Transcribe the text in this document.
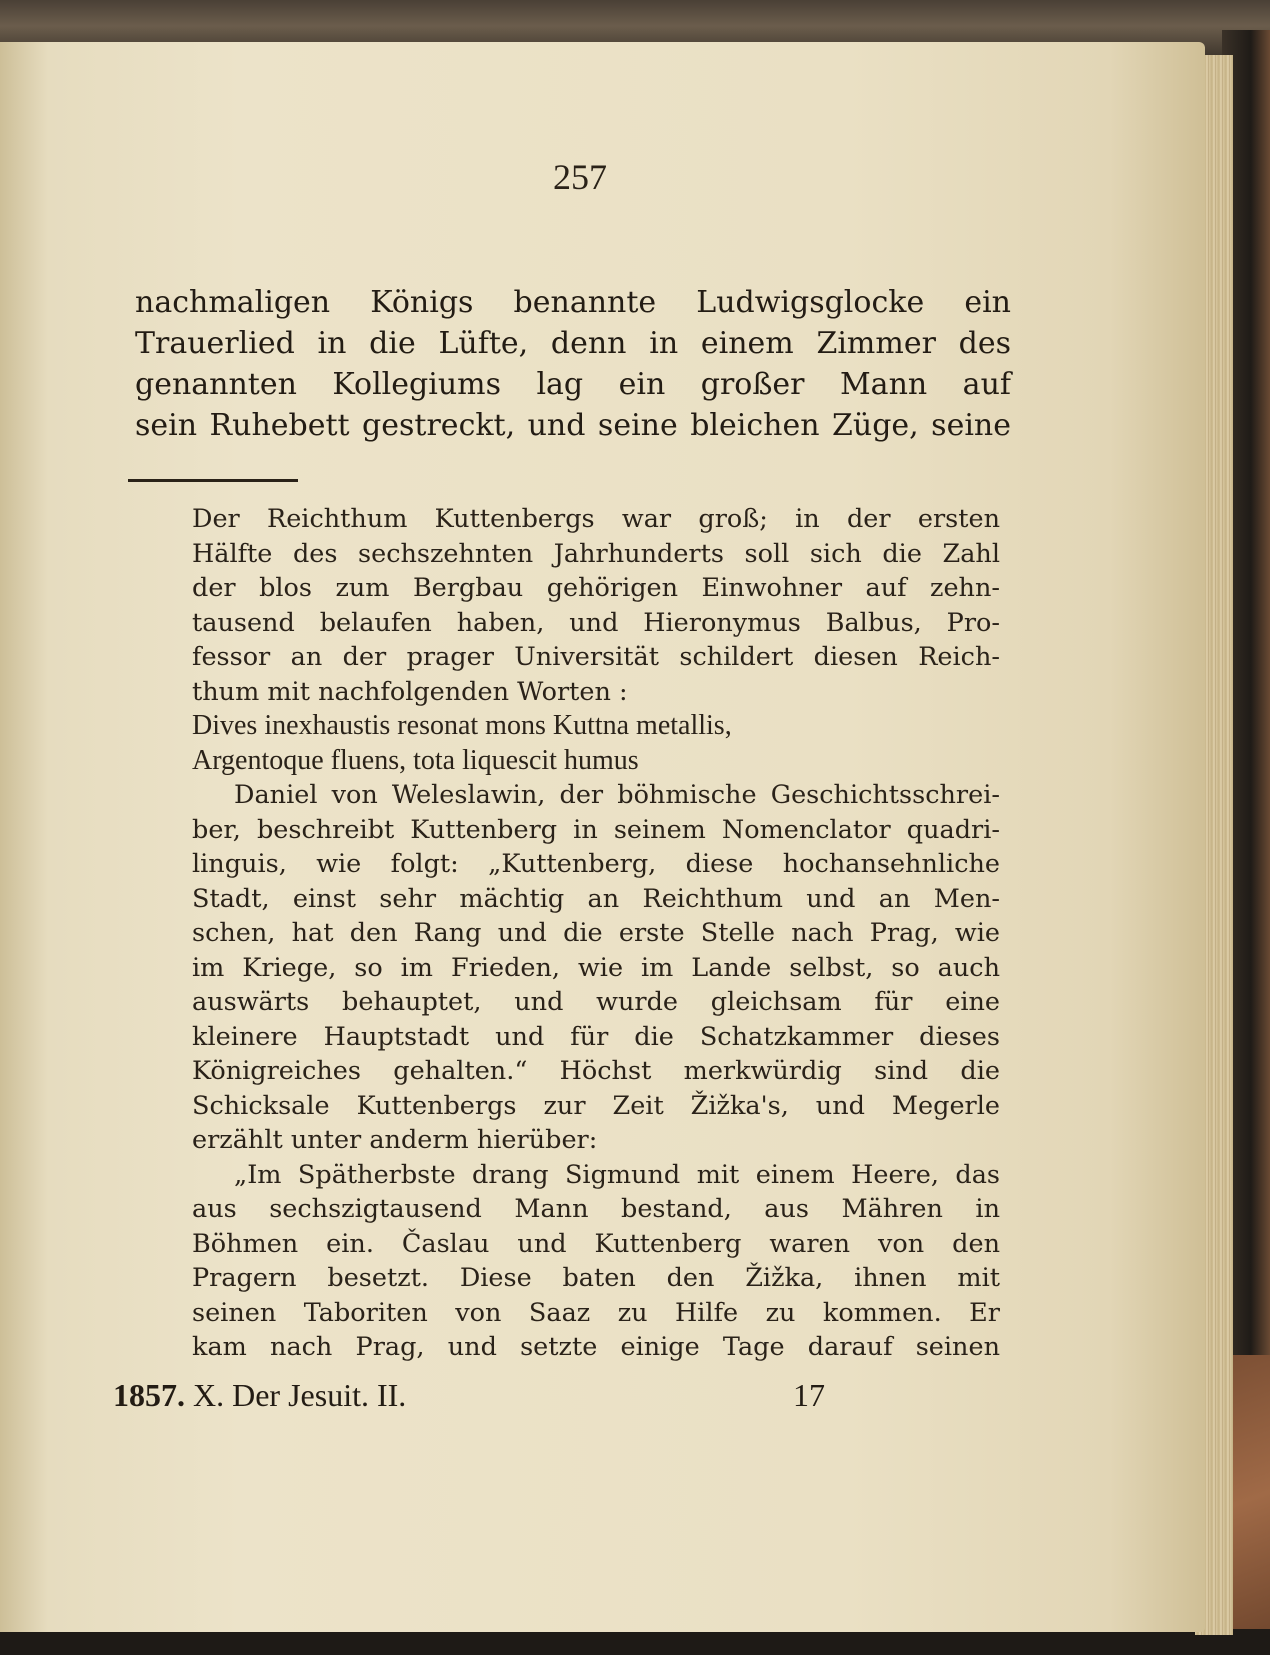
257
nachmaligen Königs benannte Ludwigsglocke ein
Trauerlied in die Lüfte, denn in einem Zimmer des
genannten Kollegiums lag ein großer Mann auf
sein Ruhebett gestreckt, und seine bleichen Züge, seine

Der Reichthum Kuttenbergs war groß; in der ersten
Hälfte des sechszehnten Jahrhunderts soll sich die Zahl
der blos zum Bergbau gehörigen Einwohner auf zehn-
tausend belaufen haben, und Hieronymus Balbus, Pro-
fessor an der prager Universität schildert diesen Reich-
thum mit nachfolgenden Worten :

Dives inexhaustis resonat mons Kuttna metallis,
Argentoque fluens, tota liquescit humus

Daniel von Weleslawin, der böhmische Geschichtsschrei-
ber, beschreibt Kuttenberg in seinem Nomenclator quadri-
linguis, wie folgt: „Kuttenberg, diese hochansehnliche
Stadt, einst sehr mächtig an Reichthum und an Men-
schen, hat den Rang und die erste Stelle nach Prag, wie
im Kriege, so im Frieden, wie im Lande selbst, so auch
auswärts behauptet, und wurde gleichsam für eine
kleinere Hauptstadt und für die Schatzkammer dieses
Königreiches gehalten.“ Höchst merkwürdig sind die
Schicksale Kuttenbergs zur Zeit Žižka's, und Megerle
erzählt unter anderm hierüber:

„Im Spätherbste drang Sigmund mit einem Heere, das
aus sechszigtausend Mann bestand, aus Mähren in
Böhmen ein. Časlau und Kuttenberg waren von den
Pragern besetzt. Diese baten den Žižka, ihnen mit
seinen Taboriten von Saaz zu Hilfe zu kommen. Er
kam nach Prag, und setzte einige Tage darauf seinen

1857. X. Der Jesuit. II.	17
